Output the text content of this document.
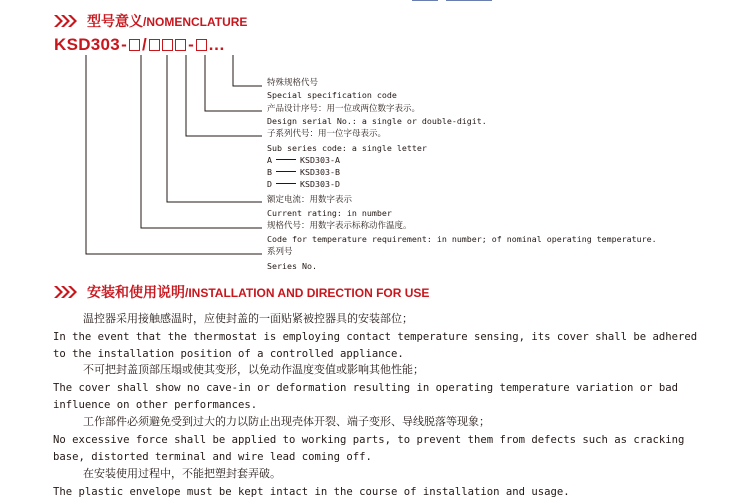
型号意义/NOMENCLATURE
KSD303- / - …
特殊规格代号
Special specification code
产品设计序号：用一位或两位数字表示。
Design serial No.: a single or double-digit.
子系列代号：用一位字母表示。
Sub series code: a single letter
A	KSD303-A
B	KSD303-B
D	KSD303-D
额定电流：用数字表示
Current rating: in number
规格代号：用数字表示标称动作温度。
Code for temperature requirement: in number; of nominal operating temperature.
系列号
Series No.
安装和使用说明/INSTALLATION AND DIRECTION FOR USE
温控器采用接触感温时，应使封盖的一面贴紧被控器具的安装部位；
In the event that the thermostat is employing contact temperature sensing, its cover shall be adhered
to the installation position of a controlled appliance.
不可把封盖顶部压塌或使其变形，以免动作温度变值或影响其他性能；
The cover shall show no cave-in or deformation resulting in operating temperature variation or bad
influence on other performances.
工作部件必须避免受到过大的力以防止出现壳体开裂、端子变形、导线脱落等现象；
No excessive force shall be applied to working parts, to prevent them from defects such as cracking
base, distorted terminal and wire lead coming off.
在安装使用过程中，不能把塑封套弄破。
The plastic envelope must be kept intact in the course of installation and usage.
